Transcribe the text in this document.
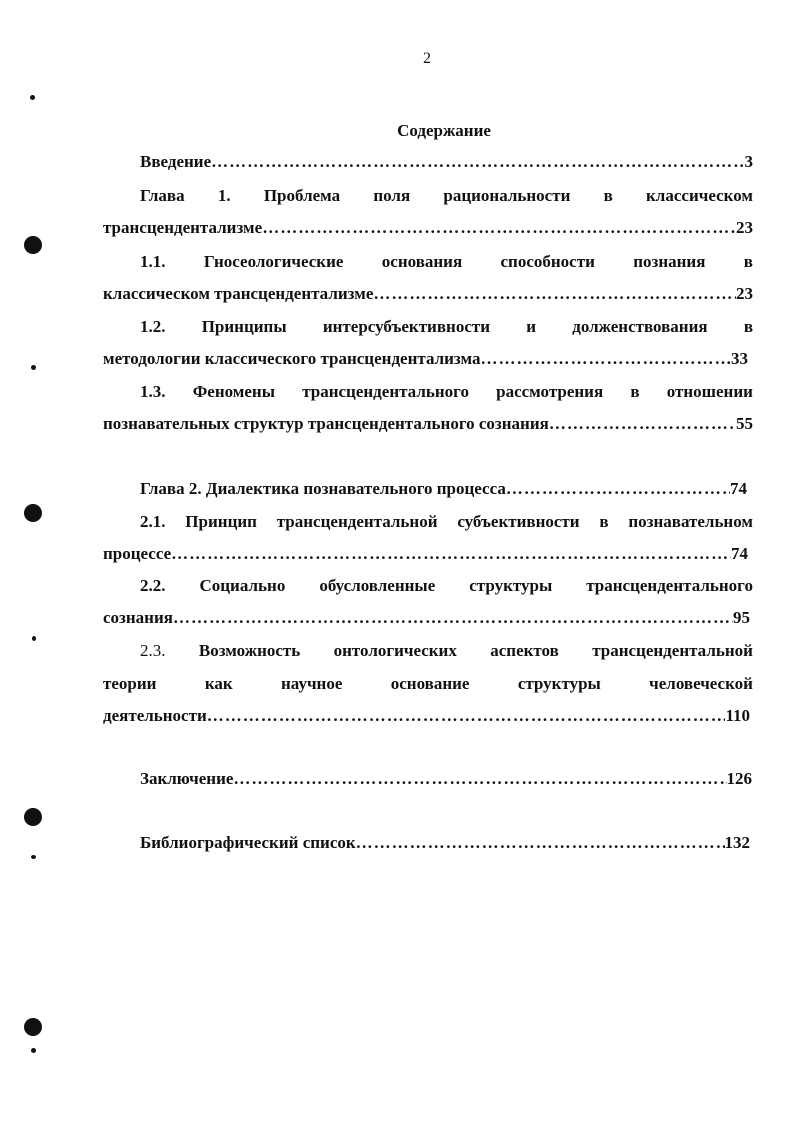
2
Содержание
Введение ……………………………………………………………………………………………………………………………………………………………………	3
Глава 1. Проблема поля рациональности в классическом
трансцендентализме ……………………………………………………………………………………………………………………………………………………………………	23
1.1. Гносеологические основания способности познания в
классическом трансцендентализме ……………………………………………………………………………………………………………………………………………………………………	23
1.2. Принципы интерсубъективности и долженствования в
методологии классического трансцендентализма ……………………………………………………………………………………………………………………………………………………………………	33
1.3. Феномены трансцендентального рассмотрения в отношении
познавательных структур трансцендентального сознания ……………………………………………………………………………………………………………………………………………………………………	55
Глава 2. Диалектика познавательного процесса ……………………………………………………………………………………………………………………………………………………………………	74
2.1. Принцип трансцендентальной субъективности в познавательном
процессе ……………………………………………………………………………………………………………………………………………………………………	74
2.2. Социально обусловленные структуры трансцендентального
сознания ……………………………………………………………………………………………………………………………………………………………………	95
2.3. Возможность онтологических аспектов трансцендентальной
теории	как	научное	основание	структуры	человеческой
деятельности ……………………………………………………………………………………………………………………………………………………………………	110
Заключение ……………………………………………………………………………………………………………………………………………………………………	126
Библиографический список ……………………………………………………………………………………………………………………………………………………………………	132
